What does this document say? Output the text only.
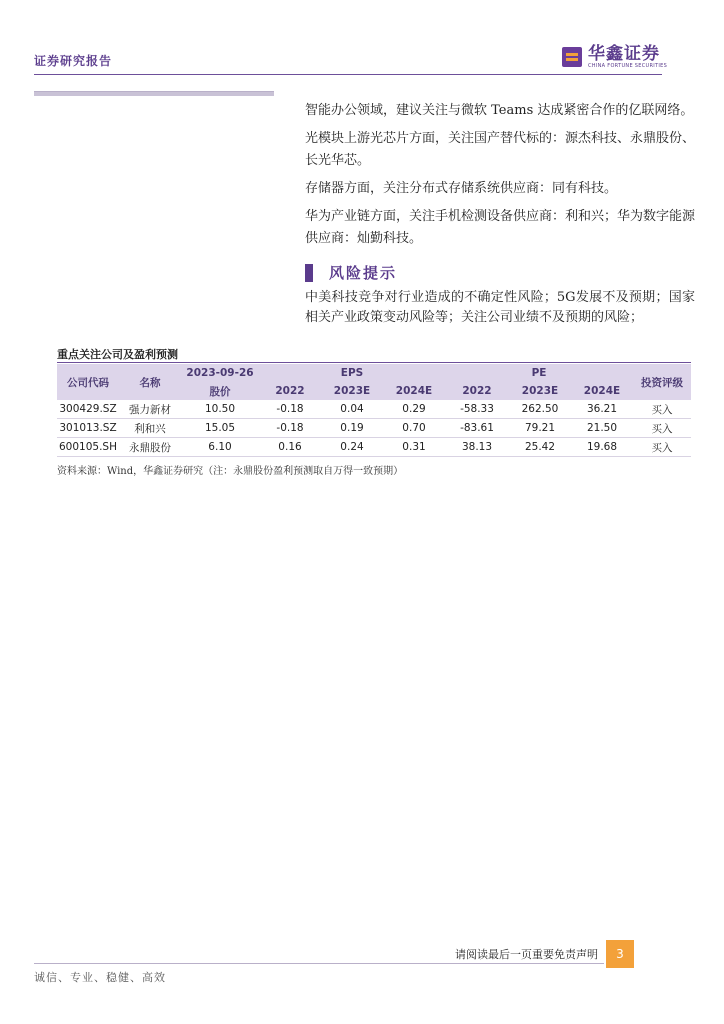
证券研究报告	华鑫证券
CHINA FORTUNE SECURITIES

智能办公领域，建议关注与微软 Teams 达成紧密合作的亿联网络。

光模块上游光芯片方面，关注国产替代标的：源杰科技、永鼎股份、长光华芯。

存储器方面，关注分布式存储系统供应商：同有科技。

华为产业链方面，关注手机检测设备供应商：利和兴；华为数字能源供应商：灿勤科技。

风险提示
中美科技竞争对行业造成的不确定性风险；5G发展不及预期；国家相关产业政策变动风险等；关注公司业绩不及预期的风险；
重点关注公司及盈利预测
公司代码	名称	2023-09-26	EPS			PE			投资评级
		股价	2022	2023E	2024E	2022	2023E	2024E	
300429.SZ	强力新材	10.50	-0.18	0.04	0.29	-58.33	262.50	36.21	买入
301013.SZ	利和兴	15.05	-0.18	0.19	0.70	-83.61	79.21	21.50	买入
600105.SH	永鼎股份	6.10	0.16	0.24	0.31	38.13	25.42	19.68	买入
资料来源：Wind，华鑫证券研究（注：永鼎股份盈利预测取自万得一致预期）
请阅读最后一页重要免责声明	3
诚信、专业、稳健、高效
